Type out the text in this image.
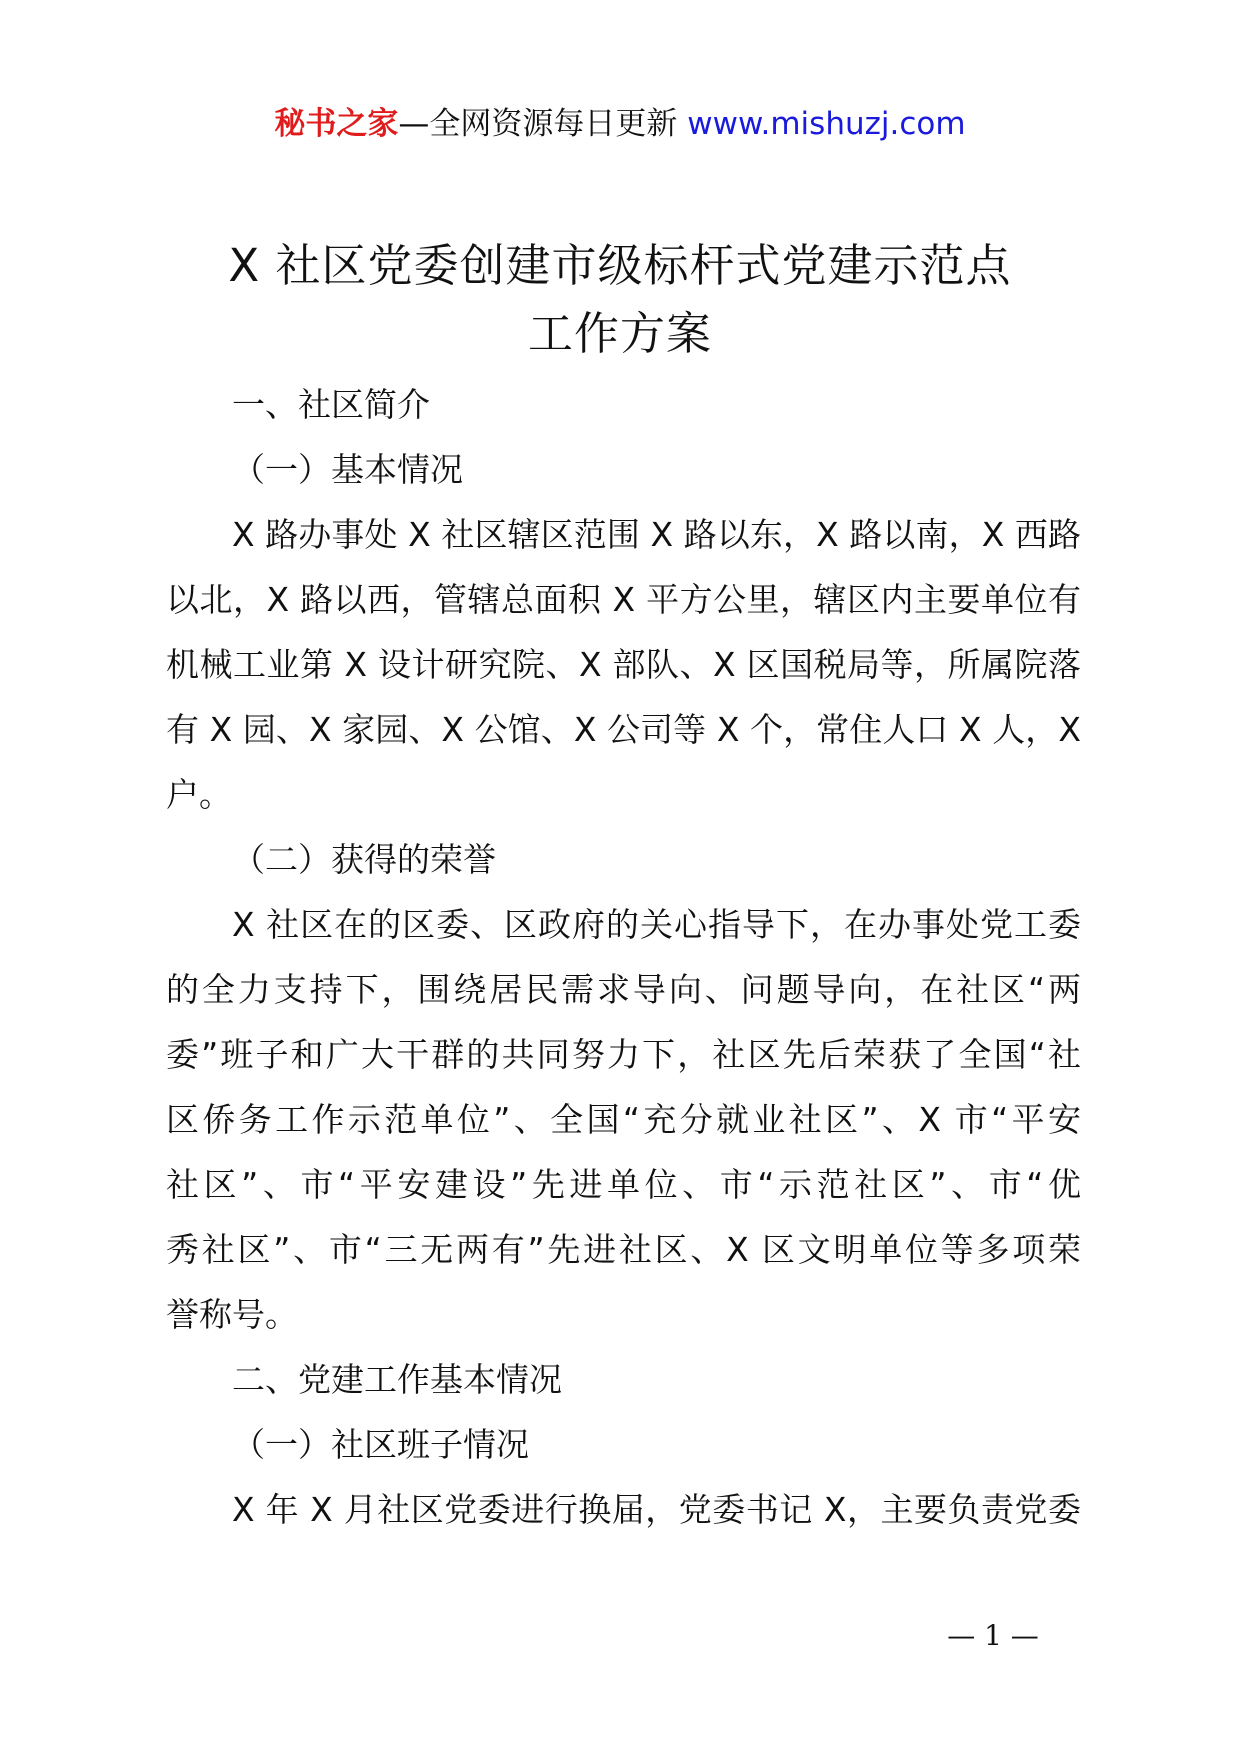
秘书之家—全网资源每日更新 www.mishuzj.com
X 社区党委创建市级标杆式党建示范点
工作方案
一、社区简介
（一）基本情况
X 路办事处 X 社区辖区范围 X 路以东，X 路以南，X 西路
以北，X 路以西，管辖总面积 X 平方公里，辖区内主要单位有
机械工业第 X 设计研究院、X 部队、X 区国税局等，所属院落
有 X 园、X 家园、X 公馆、X 公司等 X 个，常住人口 X 人，X
户。
（二）获得的荣誉
X 社区在的区委、区政府的关心指导下，在办事处党工委
的全力支持下，围绕居民需求导向、问题导向，在社区“两
委”班子和广大干群的共同努力下，社区先后荣获了全国“社
区侨务工作示范单位”、全国“充分就业社区”、X 市“平安
社区”、市“平安建设”先进单位、市“示范社区”、市“优
秀社区”、市“三无两有”先进社区、X 区文明单位等多项荣
誉称号。
二、党建工作基本情况
（一）社区班子情况
X 年 X 月社区党委进行换届，党委书记 X，主要负责党委
— 1 —
